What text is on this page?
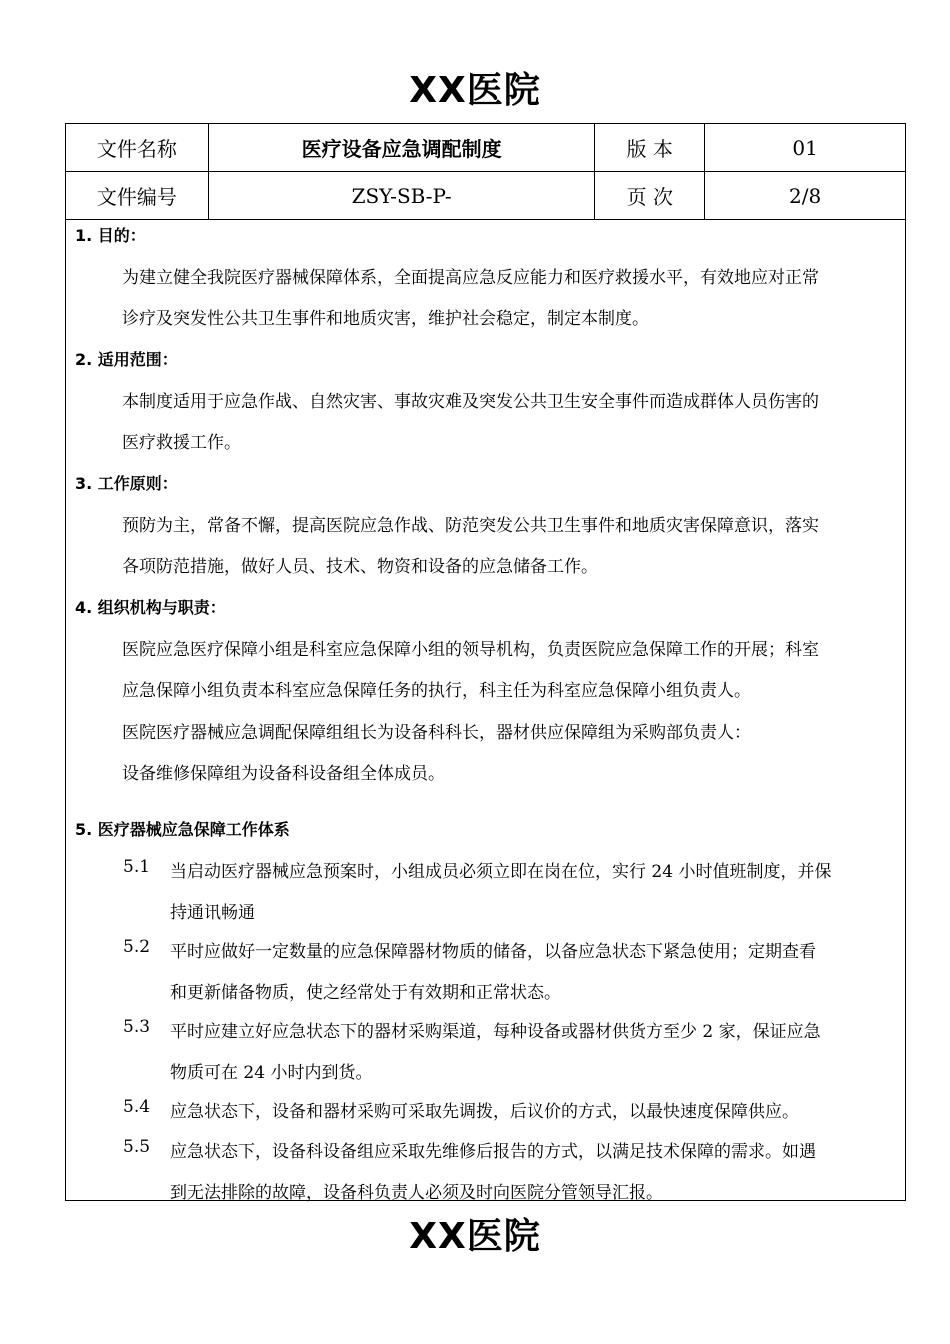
XX医院
文件名称	医疗设备应急调配制度	版 本	01
文件编号	ZSY-SB-P-	页 次	2/8
1. 目的：
为建立健全我院医疗器械保障体系，全面提高应急反应能力和医疗救援水平，有效地应对正常
诊疗及突发性公共卫生事件和地质灾害，维护社会稳定，制定本制度。
2. 适用范围：
本制度适用于应急作战、自然灾害、事故灾难及突发公共卫生安全事件而造成群体人员伤害的
医疗救援工作。
3. 工作原则：
预防为主，常备不懈，提高医院应急作战、防范突发公共卫生事件和地质灾害保障意识，落实
各项防范措施，做好人员、技术、物资和设备的应急储备工作。
4. 组织机构与职责：
医院应急医疗保障小组是科室应急保障小组的领导机构，负责医院应急保障工作的开展；科室
应急保障小组负责本科室应急保障任务的执行，科主任为科室应急保障小组负责人。
医院医疗器械应急调配保障组组长为设备科科长，器材供应保障组为采购部负责人：
设备维修保障组为设备科设备组全体成员。
5. 医疗器械应急保障工作体系
5.1 当启动医疗器械应急预案时，小组成员必须立即在岗在位，实行 24 小时值班制度，并保
持通讯畅通
5.2 平时应做好一定数量的应急保障器材物质的储备，以备应急状态下紧急使用；定期查看
和更新储备物质，使之经常处于有效期和正常状态。
5.3 平时应建立好应急状态下的器材采购渠道，每种设备或器材供货方至少 2 家，保证应急
物质可在 24 小时内到货。
5.4 应急状态下，设备和器材采购可采取先调拨，后议价的方式，以最快速度保障供应。
5.5 应急状态下，设备科设备组应采取先维修后报告的方式，以满足技术保障的需求。如遇
到无法排除的故障，设备科负责人必须及时向医院分管领导汇报。
XX医院
